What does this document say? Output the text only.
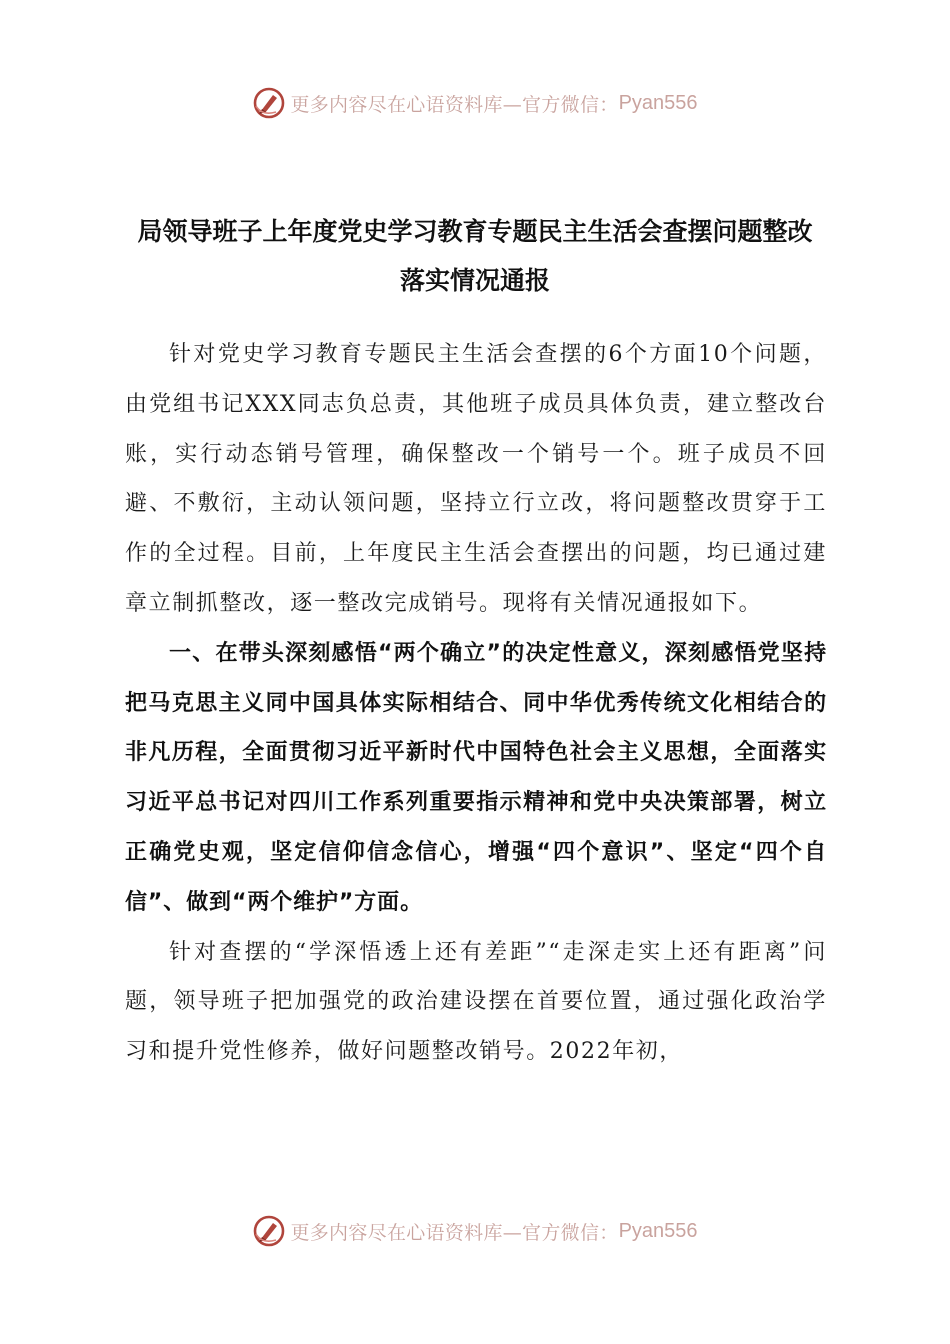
更多内容尽在心语资料库—官方微信： Pyan556
局领导班子上年度党史学习教育专题民主生活会查摆问题整改
落实情况通报

针对党史学习教育专题民主生活会查摆的6个方面10个问题，由党组书记XXX同志负总责，其他班子成员具体负责，建立整改台账，实行动态销号管理，确保整改一个销号一个。班子成员不回避、不敷衍，主动认领问题，坚持立行立改，将问题整改贯穿于工作的全过程。目前，上年度民主生活会查摆出的问题，均已通过建章立制抓整改，逐一整改完成销号。现将有关情况通报如下。

一、在带头深刻感悟“两个确立”的决定性意义，深刻感悟党坚持把马克思主义同中国具体实际相结合、同中华优秀传统文化相结合的非凡历程，全面贯彻习近平新时代中国特色社会主义思想，全面落实习近平总书记对四川工作系列重要指示精神和党中央决策部署，树立正确党史观，坚定信仰信念信心，增强“四个意识”、坚定“四个自信”、做到“两个维护”方面。

针对查摆的“学深悟透上还有差距”“走深走实上还有距离”问题，领导班子把加强党的政治建设摆在首要位置，通过强化政治学习和提升党性修养，做好问题整改销号。2022年初，

更多内容尽在心语资料库—官方微信： Pyan556
